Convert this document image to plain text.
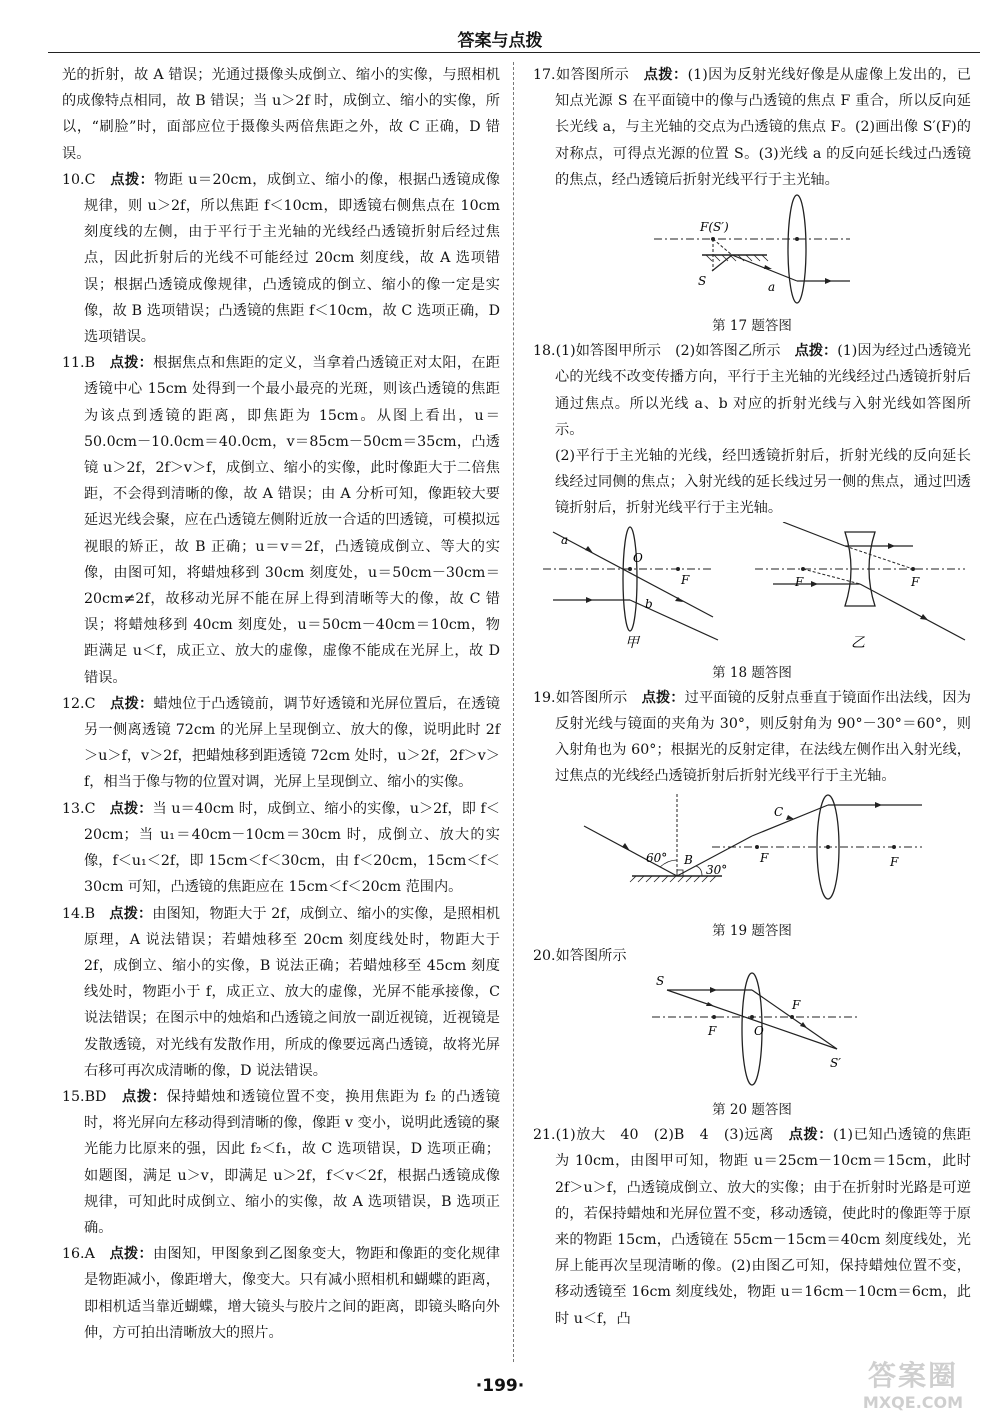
答案与点拨

光的折射，故 A 错误；光通过摄像头成倒立、缩小的实像，与照相机的成像特点相同，故 B 错误；当 u＞2f 时，成倒立、缩小的实像，所以，“刷脸”时，面部应位于摄像头两倍焦距之外，故 C 正确，D 错误。

10.C　 点拨：物距 u＝20cm，成倒立、缩小的像，根据凸透镜成像规律，则 u＞2f，所以焦距 f＜10cm，即透镜右侧焦点在 10cm 刻度线的左侧，由于平行于主光轴的光线经凸透镜折射后经过焦点，因此折射后的光线不可能经过 20cm 刻度线，故 A 选项错误；根据凸透镜成像规律，凸透镜成的倒立、缩小的像一定是实像，故 B 选项错误；凸透镜的焦距 f＜10cm，故 C 选项正确，D 选项错误。

11.B　 点拨：根据焦点和焦距的定义，当拿着凸透镜正对太阳，在距透镜中心 15cm 处得到一个最小最亮的光斑，则该凸透镜的焦距为该点到透镜的距离，即焦距为 15cm。从图上看出，u＝50.0cm－10.0cm＝40.0cm，v＝85cm－50cm＝35cm，凸透镜 u＞2f，2f＞v＞f，成倒立、缩小的实像，此时像距大于二倍焦距，不会得到清晰的像，故 A 错误；由 A 分析可知，像距较大要延迟光线会聚，应在凸透镜左侧附近放一合适的凹透镜，可模拟远视眼的矫正，故 B 正确；u＝v＝2f，凸透镜成倒立、等大的实像，由图可知，将蜡烛移到 30cm 刻度处，u＝50cm－30cm＝20cm≠2f，故移动光屏不能在屏上得到清晰等大的像，故 C 错误；将蜡烛移到 40cm 刻度处，u＝50cm－40cm＝10cm，物距满足 u＜f，成正立、放大的虚像，虚像不能成在光屏上，故 D 错误。

12.C　 点拨：蜡烛位于凸透镜前，调节好透镜和光屏位置后，在透镜另一侧离透镜 72cm 的光屏上呈现倒立、放大的像，说明此时 2f＞u＞f，v＞2f，把蜡烛移到距透镜 72cm 处时，u＞2f，2f＞v＞f，相当于像与物的位置对调，光屏上呈现倒立、缩小的实像。

13.C　 点拨：当 u＝40cm 时，成倒立、缩小的实像，u＞2f，即 f＜20cm；当 u₁＝40cm－10cm＝30cm 时，成倒立、放大的实像，f＜u₁＜2f，即 15cm＜f＜30cm，由 f＜20cm，15cm＜f＜30cm 可知，凸透镜的焦距应在 15cm＜f＜20cm 范围内。

14.B　 点拨：由图知，物距大于 2f，成倒立、缩小的实像，是照相机原理，A 说法错误；若蜡烛移至 20cm 刻度线处时，物距大于 2f，成倒立、缩小的实像，B 说法正确；若蜡烛移至 45cm 刻度线处时，物距小于 f，成正立、放大的虚像，光屏不能承接像，C 说法错误；在图示中的烛焰和凸透镜之间放一副近视镜，近视镜是发散透镜，对光线有发散作用，所成的像要远离凸透镜，故将光屏右移可再次成清晰的像，D 说法错误。

15.BD　 点拨：保持蜡烛和透镜位置不变，换用焦距为 f₂ 的凸透镜时，将光屏向左移动得到清晰的像，像距 v 变小，说明此透镜的聚光能力比原来的强，因此 f₂＜f₁，故 C 选项错误，D 选项正确；如题图，满足 u＞v，即满足 u＞2f，f＜v＜2f，根据凸透镜成像规律，可知此时成倒立、缩小的实像，故 A 选项错误，B 选项正确。

16.A　 点拨：由图知，甲图象到乙图象变大，物距和像距的变化规律是物距减小，像距增大，像变大。只有减小照相机和蝴蝶的距离，即相机适当靠近蝴蝶，增大镜头与胶片之间的距离，即镜头略向外伸，方可拍出清晰放大的照片。

17.如答图所示　 点拨：(1)因为反射光线好像是从虚像上发出的，已知点光源 S 在平面镜中的像与凸透镜的焦点 F 重合，所以反向延长光线 a，与主光轴的交点为凸透镜的焦点 F。(2)画出像 S′(F)的对称点，可得点光源的位置 S。(3)光线 a 的反向延长线过凸透镜的焦点，经凸透镜后折射光线平行于主光轴。

F(S′)
S	a

第 17 题答图

18.(1)如答图甲所示　(2)如答图乙所示　 点拨：(1)因为经过凸透镜光心的光线不改变传播方向，平行于主光轴的光线经过凸透镜折射后通过焦点。所以光线 a、b 对应的折射光线与入射光线如答图所示。

(2)平行于主光轴的光线，经凹透镜折射后，折射光线的反向延长线经过同侧的焦点；入射光线的延长线过另一侧的焦点，通过凹透镜折射后，折射光线平行于主光轴。

a
O
b
F	F	F
甲	乙

第 18 题答图

19.如答图所示　 点拨：过平面镜的反射点垂直于镜面作出法线，因为反射光线与镜面的夹角为 30°，则反射角为 90°－30°＝60°，则入射角也为 60°；根据光的反射定律，在法线左侧作出入射光线，过焦点的光线经凸透镜折射后折射光线平行于主光轴。

60°
30°
B
C
F	F

第 19 题答图

20.如答图所示

S
S′
F
F	O

第 20 题答图

21.(1)放大　40　(2)B　4　(3)远离　 点拨：(1)已知凸透镜的焦距为 10cm，由图甲可知，物距 u＝25cm－10cm＝15cm，此时 2f＞u＞f，凸透镜成倒立、放大的实像；由于在折射时光路是可逆的，若保持蜡烛和光屏位置不变，移动透镜，使此时的像距等于原来的物距 15cm，凸透镜在 55cm－15cm＝40cm 刻度线处，光屏上能再次呈现清晰的像。(2)由图乙可知，保持蜡烛位置不变，移动透镜至 16cm 刻度线处，物距 u＝16cm－10cm＝6cm，此时 u＜f，凸

·199·	答案圈
MXQE.COM
